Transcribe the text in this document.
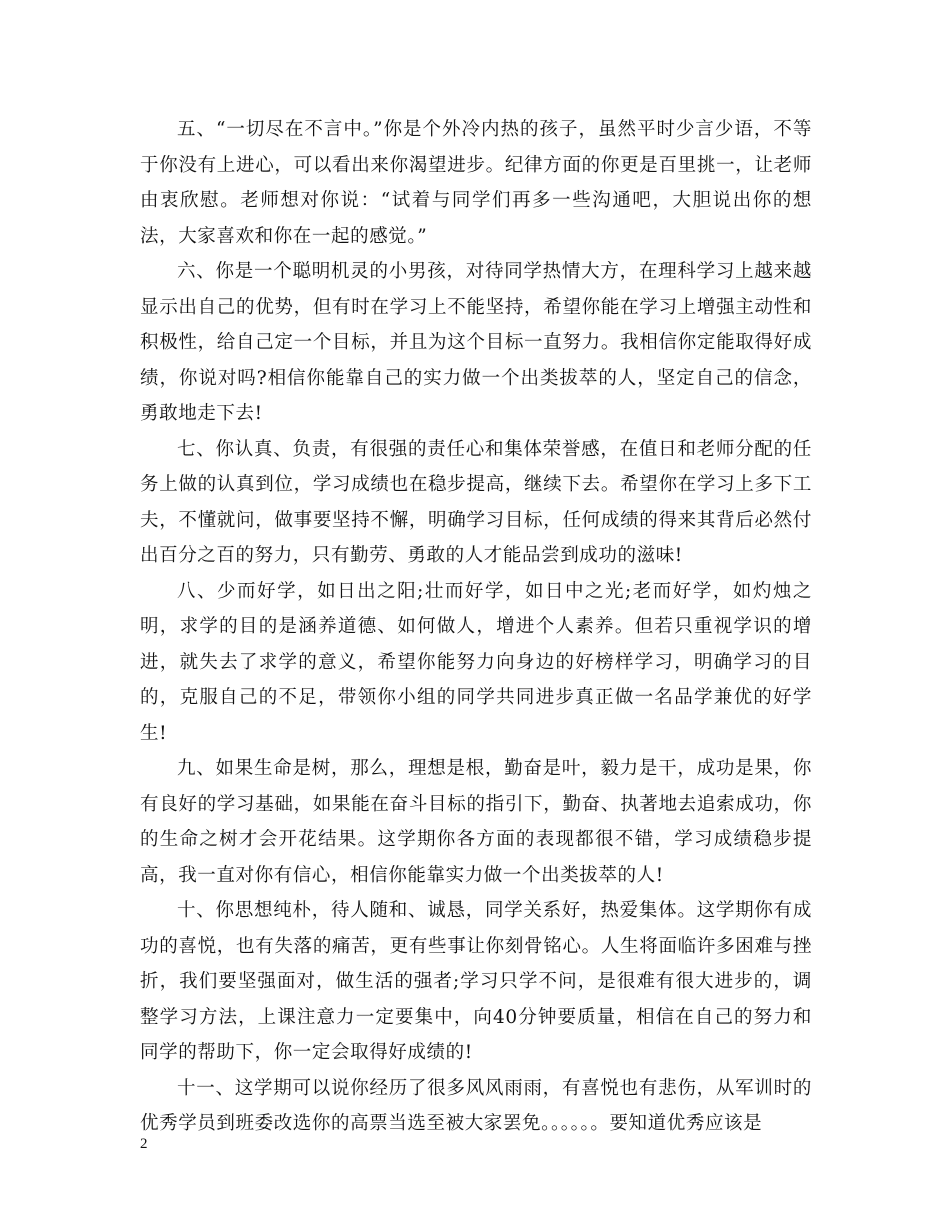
五、“一切尽在不言中。”你是个外冷内热的孩子，虽然平时少言少语，不等于你没有上进心，可以看出来你渴望进步。纪律方面的你更是百里挑一，让老师由衷欣慰。老师想对你说：“试着与同学们再多一些沟通吧，大胆说出你的想法，大家喜欢和你在一起的感觉。”

六、你是一个聪明机灵的小男孩，对待同学热情大方，在理科学习上越来越显示出自己的优势，但有时在学习上不能坚持，希望你能在学习上增强主动性和积极性，给自己定一个目标，并且为这个目标一直努力。我相信你定能取得好成绩，你说对吗?相信你能靠自己的实力做一个出类拔萃的人，坚定自己的信念，勇敢地走下去!

七、你认真、负责，有很强的责任心和集体荣誉感，在值日和老师分配的任务上做的认真到位，学习成绩也在稳步提高，继续下去。希望你在学习上多下工夫，不懂就问，做事要坚持不懈，明确学习目标，任何成绩的得来其背后必然付出百分之百的努力，只有勤劳、勇敢的人才能品尝到成功的滋味!

八、少而好学，如日出之阳;壮而好学，如日中之光;老而好学，如灼烛之明，求学的目的是涵养道德、如何做人，增进个人素养。但若只重视学识的增进，就失去了求学的意义，希望你能努力向身边的好榜样学习，明确学习的目的，克服自己的不足，带领你小组的同学共同进步真正做一名品学兼优的好学生!

九、如果生命是树，那么，理想是根，勤奋是叶，毅力是干，成功是果，你有良好的学习基础，如果能在奋斗目标的指引下，勤奋、执著地去追索成功，你的生命之树才会开花结果。这学期你各方面的表现都很不错，学习成绩稳步提高，我一直对你有信心，相信你能靠实力做一个出类拔萃的人!

十、你思想纯朴，待人随和、诚恳，同学关系好，热爱集体。这学期你有成功的喜悦，也有失落的痛苦，更有些事让你刻骨铭心。人生将面临许多困难与挫折，我们要坚强面对，做生活的强者;学习只学不问，是很难有很大进步的，调整学习方法，上课注意力一定要集中，向40分钟要质量，相信在自己的努力和同学的帮助下，你一定会取得好成绩的!

十一、这学期可以说你经历了很多风风雨雨，有喜悦也有悲伤，从军训时的优秀学员到班委改选你的高票当选至被大家罢免。。。。。。要知道优秀应该是

2
